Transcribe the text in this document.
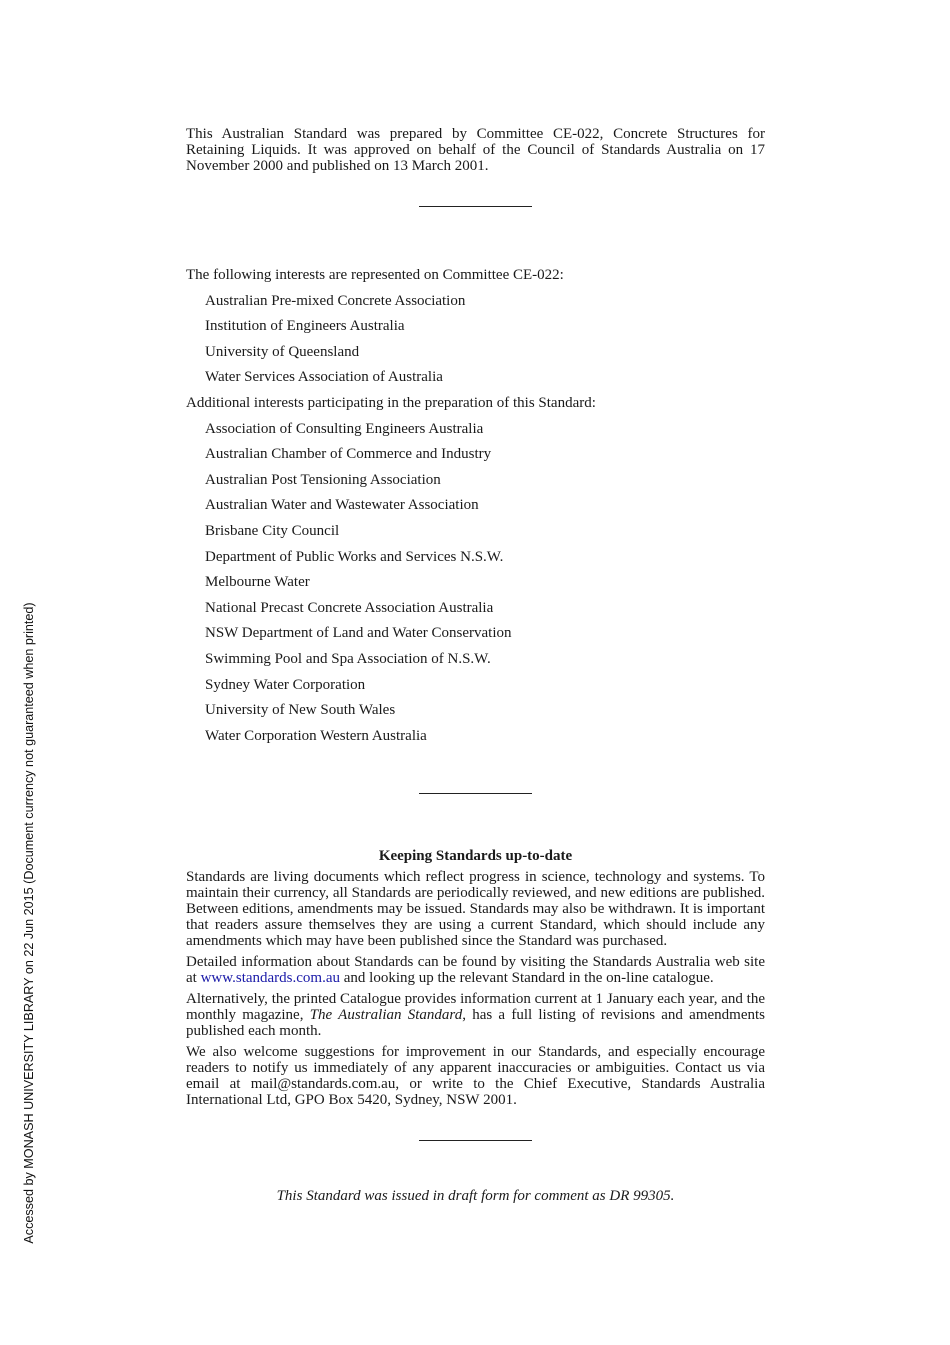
This Australian Standard was prepared by Committee CE-022, Concrete Structures for Retaining Liquids. It was approved on behalf of the Council of Standards Australia on 17 November 2000 and published on 13 March 2001.

The following interests are represented on Committee CE-022:
Australian Pre-mixed Concrete Association
Institution of Engineers Australia
University of Queensland
Water Services Association of Australia
Additional interests participating in the preparation of this Standard:
Association of Consulting Engineers Australia
Australian Chamber of Commerce and Industry
Australian Post Tensioning Association
Australian Water and Wastewater Association
Brisbane City Council
Department of Public Works and Services N.S.W.
Melbourne Water
National Precast Concrete Association Australia
NSW Department of Land and Water Conservation
Swimming Pool and Spa Association of N.S.W.
Sydney Water Corporation
University of New South Wales
Water Corporation Western Australia
Keeping Standards up-to-date

Standards are living documents which reflect progress in science, technology and systems. To maintain their currency, all Standards are periodically reviewed, and new editions are published. Between editions, amendments may be issued. Standards may also be withdrawn. It is important that readers assure themselves they are using a current Standard, which should include any amendments which may have been published since the Standard was purchased.

Detailed information about Standards can be found by visiting the Standards Australia web site at www.standards.com.au and looking up the relevant Standard in the on-line catalogue.

Alternatively, the printed Catalogue provides information current at 1 January each year, and the monthly magazine, The Australian Standard, has a full listing of revisions and amendments published each month.

We also welcome suggestions for improvement in our Standards, and especially encourage readers to notify us immediately of any apparent inaccuracies or ambiguities. Contact us via email at mail@standards.com.au, or write to the Chief Executive, Standards Australia International Ltd, GPO Box 5420, Sydney, NSW 2001.

This Standard was issued in draft form for comment as DR 99305.
Accessed by MONASH UNIVERSITY LIBRARY on 22 Jun 2015 (Document currency not guaranteed when printed)
